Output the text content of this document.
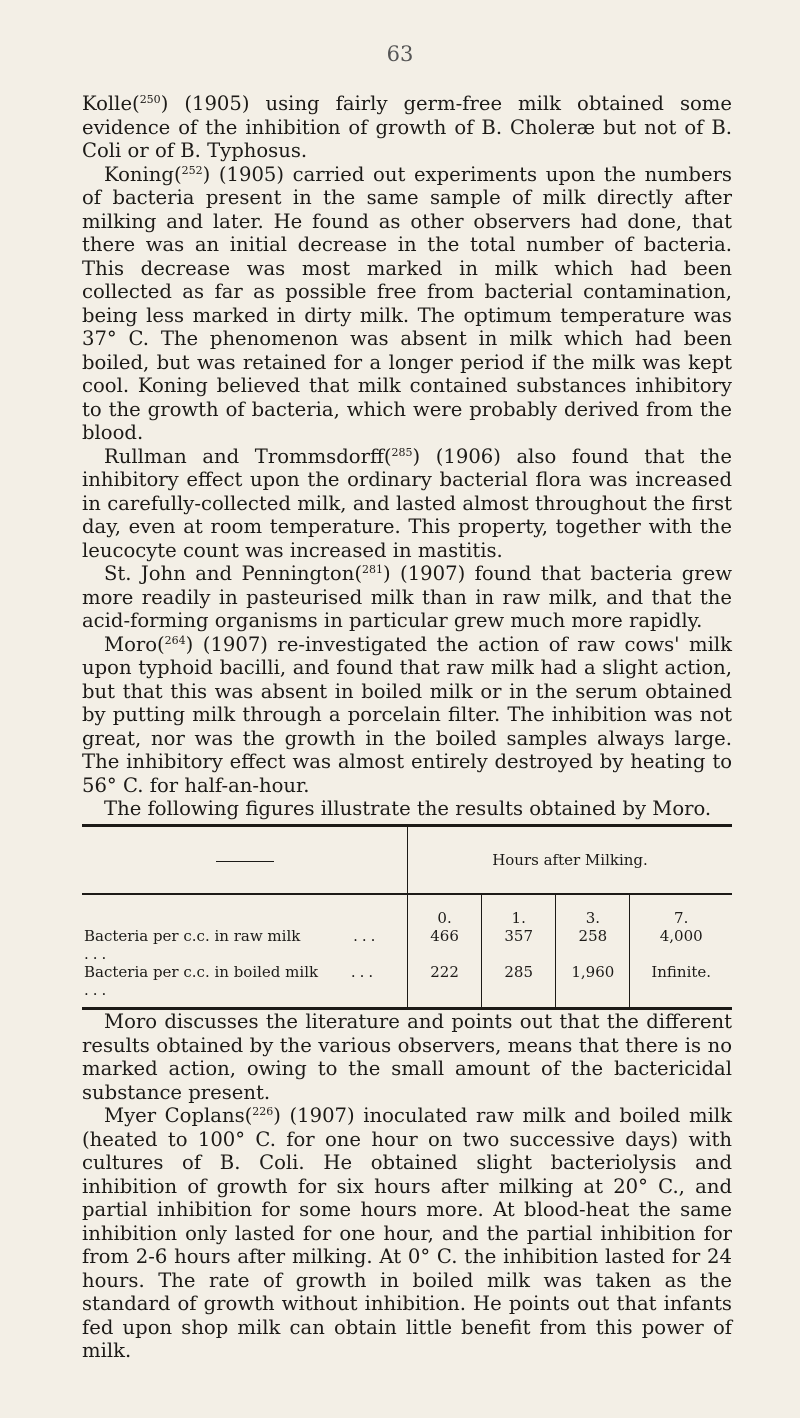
63

Kolle($^{250}$) (1905) using fairly germ-free milk obtained some evidence of the inhibition of growth of B. Choleræ but not of B. Coli or of B. Typhosus.

Koning($^{252}$) (1905) carried out experiments upon the numbers of bacteria present in the same sample of milk directly after milking and later. He found as other observers had done, that there was an initial decrease in the total number of bacteria. This decrease was most marked in milk which had been collected as far as possible free from bacterial contamination, being less marked in dirty milk. The optimum temperature was 37° C. The phenomenon was absent in milk which had been boiled, but was retained for a longer period if the milk was kept cool. Koning believed that milk contained substances inhibitory to the growth of bacteria, which were probably derived from the blood.

Rullman and Trommsdorff($^{285}$) (1906) also found that the inhibitory effect upon the ordinary bacterial flora was increased in carefully-collected milk, and lasted almost throughout the first day, even at room temperature. This property, together with the leucocyte count was increased in mastitis.

St. John and Pennington($^{281}$) (1907) found that bacteria grew more readily in pasteurised milk than in raw milk, and that the acid-forming organisms in particular grew much more rapidly.

Moro($^{264}$) (1907) re-investigated the action of raw cows' milk upon typhoid bacilli, and found that raw milk had a slight action, but that this was absent in boiled milk or in the serum obtained by putting milk through a porcelain filter. The inhibition was not great, nor was the growth in the boiled samples always large. The inhibitory effect was almost entirely destroyed by heating to 56° C. for half-an-hour.

The following figures illustrate the results obtained by Moro.

	Hours after Milking.			
	0.	1.	3.	7.
Bacteria per c.c. in raw milk ... ...	466	357	258	4,000
Bacteria per c.c. in boiled milk ... ...	222	285	1,960	Infinite.

Moro discusses the literature and points out that the different results obtained by the various observers, means that there is no marked action, owing to the small amount of the bactericidal substance present.

Myer Coplans($^{226}$) (1907) inoculated raw milk and boiled milk (heated to 100° C. for one hour on two successive days) with cultures of B. Coli. He obtained slight bacteriolysis and inhibition of growth for six hours after milking at 20° C., and partial inhibition for some hours more. At blood-heat the same inhibition only lasted for one hour, and the partial inhibition for from 2-6 hours after milking. At 0° C. the inhibition lasted for 24 hours. The rate of growth in boiled milk was taken as the standard of growth without inhibition. He points out that infants fed upon shop milk can obtain little benefit from this power of milk.
